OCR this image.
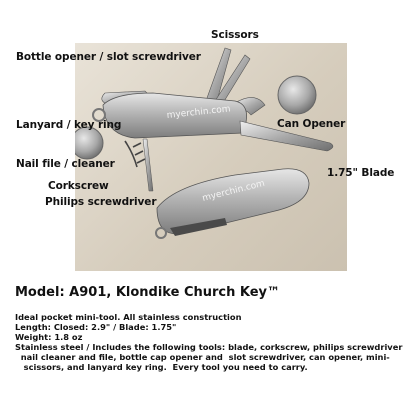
myerchin.com
myerchin.com
Scissors
Bottle opener / slot screwdriver
Lanyard / key ring	Can Opener
Nail file / cleaner
1.75" Blade
Corkscrew
Philips screwdriver
Model: A901, Klondike Church Key™
Ideal pocket mini-tool. All stainless construction
Length: Closed: 2.9" / Blade: 1.75"
Weight: 1.8 oz
Stainless steel / Includes the following tools: blade, corkscrew, philips screwdriver
nail cleaner and file, bottle cap opener and  slot screwdriver, can opener, mini-
scissors, and lanyard key ring.  Every tool you need to carry.
